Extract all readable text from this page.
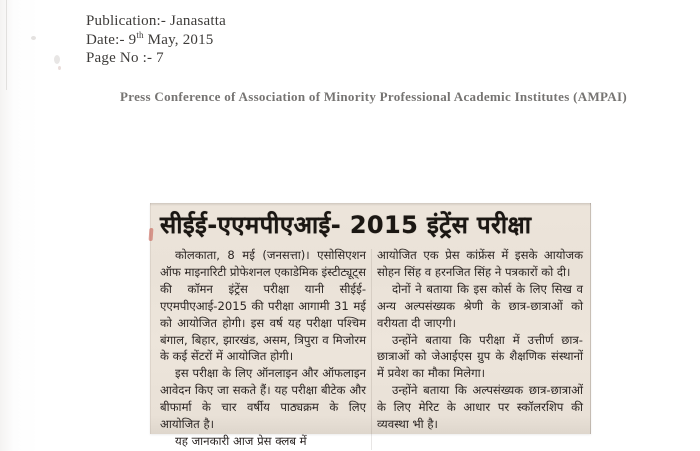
Publication:- Janasatta
Date:- 9th May, 2015
Page No :- 7
Press Conference of Association of Minority Professional Academic Institutes (AMPAI)
सीईई-एएमपीएआई- 2015 इंट्रेंस परीक्षा

कोलकाता, 8 मई (जनसत्ता)। एसोसिएशन ऑफ माइनारिटी प्रोफेशनल एकाडेमिक इंस्टीट्यूट्स की कॉमन इंट्रेंस परीक्षा यानी सीईई-एएमपीएआई-2015 की परीक्षा आगामी 31 मई को आयोजित होगी। इस वर्ष यह परीक्षा पश्चिम बंगाल, बिहार, झारखंड, असम, त्रिपुरा व मिजोरम के कई सेंटरों में आयोजित होगी।

इस परीक्षा के लिए ऑनलाइन और ऑफलाइन आवेदन किए जा सकते हैं। यह परीक्षा बीटेक और बीफार्मा के चार वर्षीय पाठ्यक्रम के लिए आयोजित है।

यह जानकारी आज प्रेस क्लब में

आयोजित एक प्रेस कांफ्रेंस में इसके आयोजक सोहन सिंह व हरनजित सिंह ने पत्रकारों को दी।

दोनों ने बताया कि इस कोर्स के लिए सिख व अन्य अल्पसंख्यक श्रेणी के छात्र-छात्राओं को वरीयता दी जाएगी।

उन्होंने बताया कि परीक्षा में उत्तीर्ण छात्र-छात्राओं को जेआईएस ग्रुप के शैक्षणिक संस्थानों में प्रवेश का मौका मिलेगा।

उन्होंने बताया कि अल्पसंख्यक छात्र-छात्राओं के लिए मेरिट के आधार पर स्कॉलरशिप की व्यवस्था भी है।
